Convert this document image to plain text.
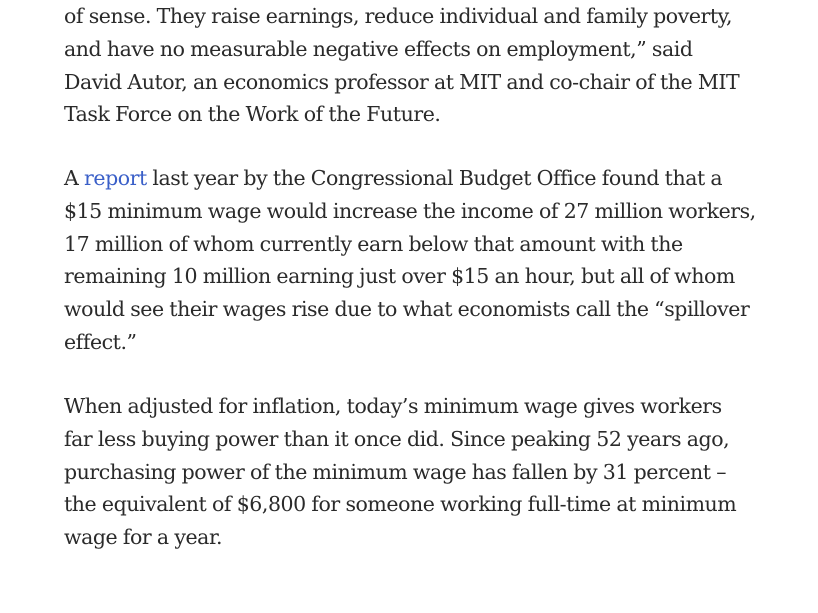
of sense. They raise earnings, reduce individual and family poverty,
and have no measurable negative effects on employment,” said
David Autor, an economics professor at MIT and co-chair of the MIT
Task Force on the Work of the Future.

A report last year by the Congressional Budget Office found that a
$15 minimum wage would increase the income of 27 million workers,
17 million of whom currently earn below that amount with the
remaining 10 million earning just over $15 an hour, but all of whom
would see their wages rise due to what economists call the “spillover
effect.”

When adjusted for inflation, today’s minimum wage gives workers
far less buying power than it once did. Since peaking 52 years ago,
purchasing power of the minimum wage has fallen by 31 percent –
the equivalent of $6,800 for someone working full-time at minimum
wage for a year.
